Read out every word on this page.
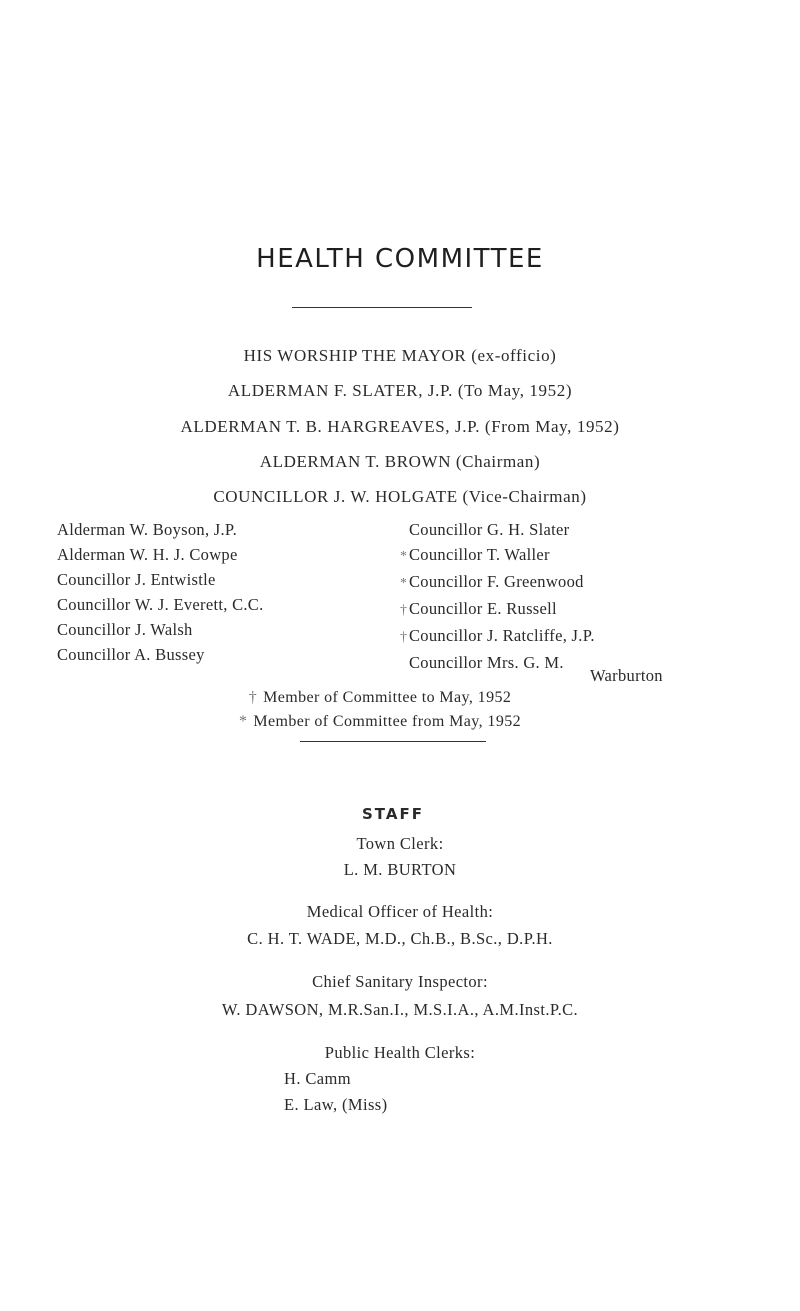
HEALTH COMMITTEE
HIS WORSHIP THE MAYOR (ex-officio)
ALDERMAN F. SLATER, J.P. (To May, 1952)
ALDERMAN T. B. HARGREAVES, J.P. (From May, 1952)
ALDERMAN T. BROWN (Chairman)
COUNCILLOR J. W. HOLGATE (Vice-Chairman)
Alderman W. Boyson, J.P.
Alderman W. H. J. Cowpe
Councillor J. Entwistle
Councillor W. J. Everett, C.C.
Councillor J. Walsh
Councillor A. Bussey
Councillor G. H. Slater
* Councillor T. Waller
* Councillor F. Greenwood
† Councillor E. Russell
† Councillor J. Ratcliffe, J.P.
Councillor Mrs. G. M.
Warburton
† Member of Committee to May, 1952
* Member of Committee from May, 1952
STAFF
Town Clerk:
L. M. BURTON
Medical Officer of Health:
C. H. T. WADE, M.D., Ch.B., B.Sc., D.P.H.
Chief Sanitary Inspector:
W. DAWSON, M.R.San.I., M.S.I.A., A.M.Inst.P.C.
Public Health Clerks:
H. Camm
E. Law, (Miss)
